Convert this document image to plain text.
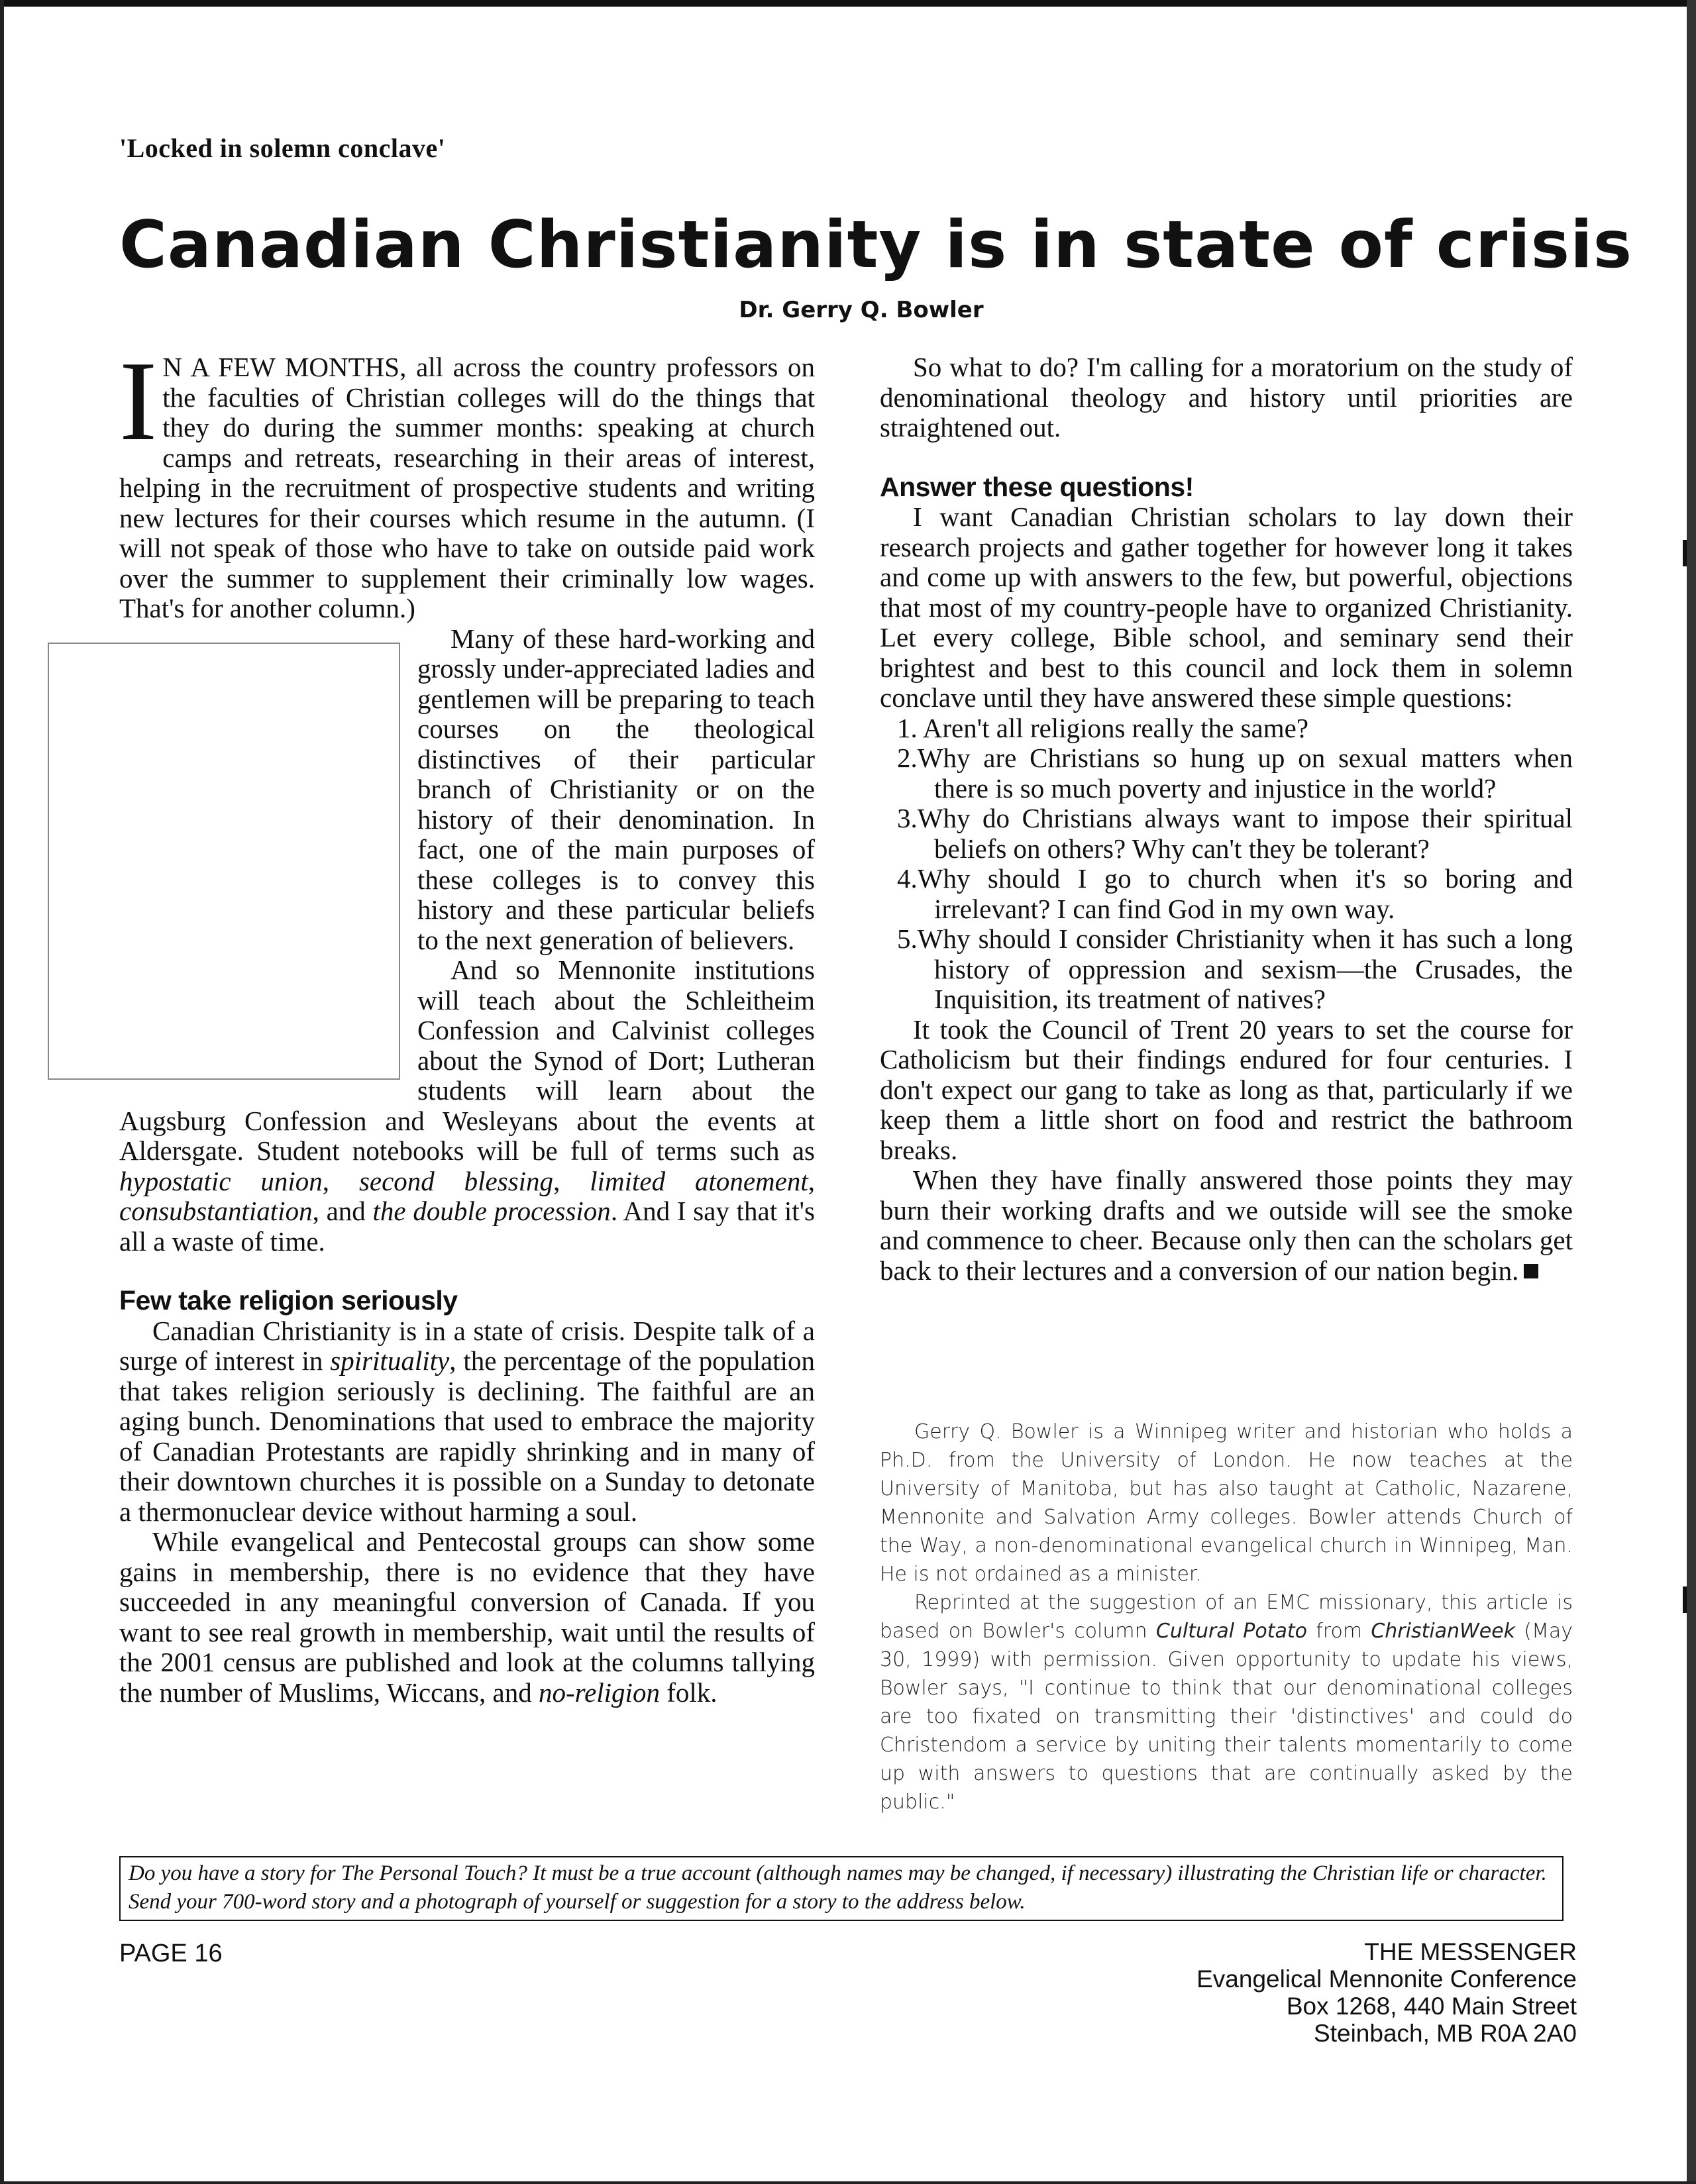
'Locked in solemn conclave'
Canadian Christianity is in state of crisis
Dr. Gerry Q. Bowler

I N A FEW MONTHS, all across the country professors on the faculties of Christian colleges will do the things that they do during the summer months: speaking at church camps and retreats, researching in their areas of interest, helping in the recruitment of prospective students and writing new lectures for their courses which resume in the autumn. (I will not speak of those who have to take on outside paid work over the summer to supplement their criminally low wages. That's for another column.)

Many of these hard-working and grossly under-appreciated ladies and gentlemen will be preparing to teach courses on the theological distinctives of their particular branch of Christianity or on the history of their denomination. In fact, one of the main purposes of these colleges is to convey this history and these particular beliefs to the next generation of believers.

And so Mennonite institutions will teach about the Schleitheim Confession and Calvinist colleges about the Synod of Dort; Lutheran students will learn about the Augsburg Confession and Wesleyans about the events at Aldersgate. Student notebooks will be full of terms such as hypostatic union, second blessing, limited atonement, consubstantiation, and the double procession. And I say that it's all a waste of time.

Few take religion seriously

Canadian Christianity is in a state of crisis. Despite talk of a surge of interest in spirituality, the percentage of the population that takes religion seriously is declining. The faithful are an aging bunch. Denominations that used to embrace the majority of Canadian Protestants are rapidly shrinking and in many of their downtown churches it is possible on a Sunday to detonate a thermonuclear device without harming a soul.

While evangelical and Pentecostal groups can show some gains in membership, there is no evidence that they have succeeded in any meaningful conversion of Canada. If you want to see real growth in membership, wait until the results of the 2001 census are published and look at the columns tallying the number of Muslims, Wiccans, and no-religion folk.

So what to do? I'm calling for a moratorium on the study of denominational theology and history until priorities are straightened out.

Answer these questions!

I want Canadian Christian scholars to lay down their research projects and gather together for however long it takes and come up with answers to the few, but powerful, objections that most of my country-people have to organized Christianity. Let every college, Bible school, and seminary send their brightest and best to this council and lock them in solemn conclave until they have answered these simple questions:

1. Aren't all religions really the same?
2.Why are Christians so hung up on sexual matters when there is so much poverty and injustice in the world?
3.Why do Christians always want to impose their spiritual beliefs on others? Why can't they be tolerant?
4.Why should I go to church when it's so boring and irrelevant? I can find God in my own way.
5.Why should I consider Christianity when it has such a long history of oppression and sexism—the Crusades, the Inquisition, its treatment of natives?

It took the Council of Trent 20 years to set the course for Catholicism but their findings endured for four centuries. I don't expect our gang to take as long as that, particularly if we keep them a little short on food and restrict the bathroom breaks.

When they have finally answered those points they may burn their working drafts and we outside will see the smoke and commence to cheer. Because only then can the scholars get back to their lectures and a conversion of our nation begin.

Gerry Q. Bowler is a Winnipeg writer and historian who holds a Ph.D. from the University of London. He now teaches at the University of Manitoba, but has also taught at Catholic, Nazarene, Mennonite and Salvation Army colleges. Bowler attends Church of the Way, a non-denominational evangelical church in Winnipeg, Man. He is not ordained as a minister.

Reprinted at the suggestion of an EMC missionary, this article is based on Bowler's column Cultural Potato from ChristianWeek (May 30, 1999) with permission. Given opportunity to update his views, Bowler says, "I continue to think that our denominational colleges are too fixated on transmitting their 'distinctives' and could do Christendom a service by uniting their talents momentarily to come up with answers to questions that are continually asked by the public."

Do you have a story for The Personal Touch? It must be a true account (although names may be changed, if necessary) illustrating the Christian life or character. Send your 700-word story and a photograph of yourself or suggestion for a story to the address below.
PAGE 16	THE MESSENGER
Evangelical Mennonite Conference
Box 1268, 440 Main Street
Steinbach, MB R0A 2A0
